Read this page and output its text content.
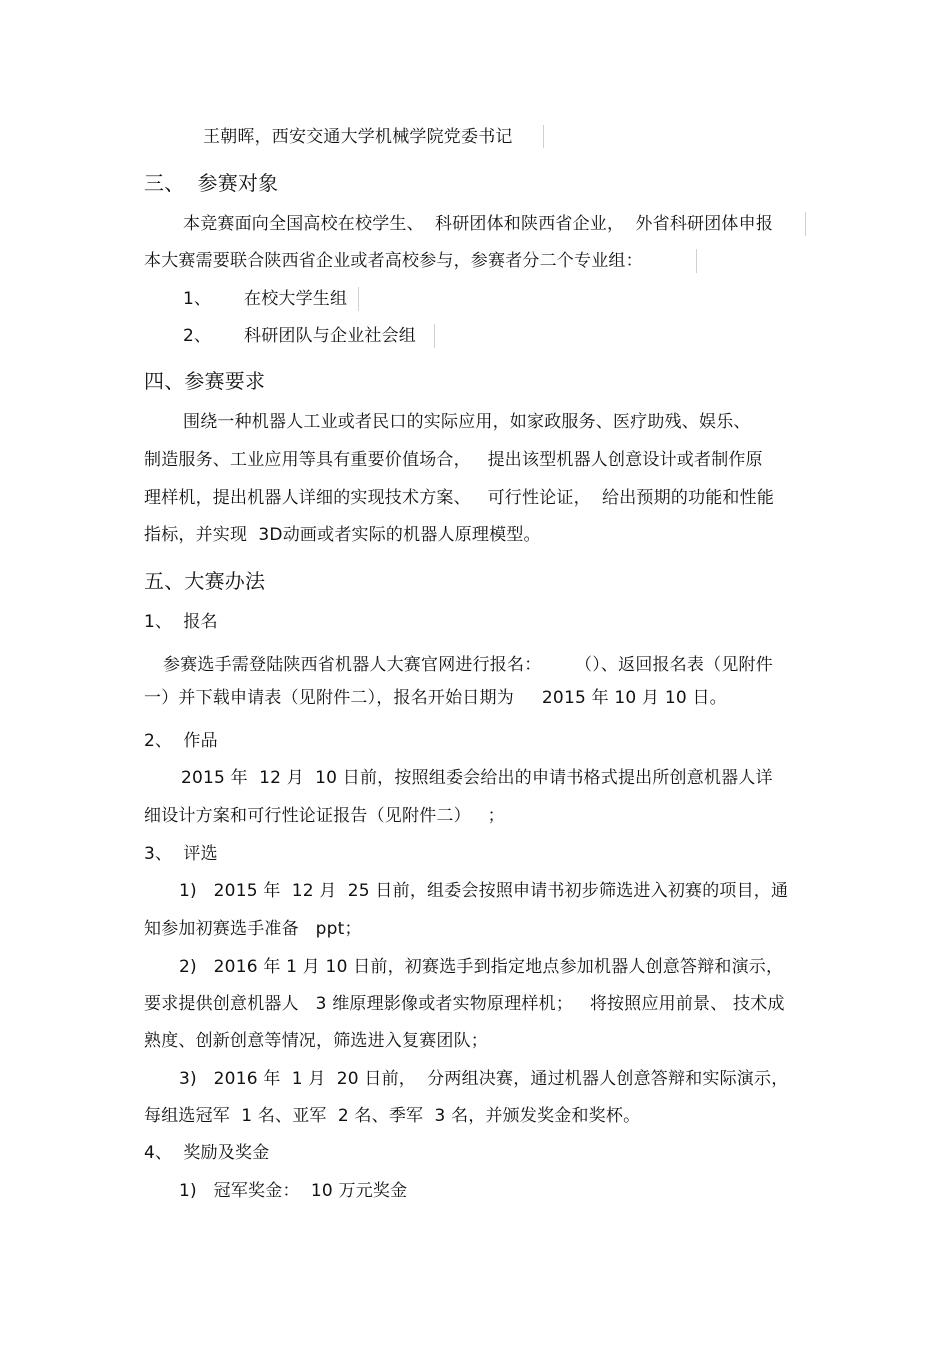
王朝晖，西安交通大学机械学院党委书记
三、  参赛对象
本竞赛面向全国高校在校学生、  科研团体和陕西省企业，  外省科研团体申报
本大赛需要联合陕西省企业或者高校参与，参赛者分二个专业组：
1、 在校大学生组
2、 科研团队与企业社会组
四、参赛要求
围绕一种机器人工业或者民口的实际应用，如家政服务、医疗助残、娱乐、
制造服务、工业应用等具有重要价值场合，   提出该型机器人创意设计或者制作原
理样机，提出机器人详细的实现技术方案、   可行性论证，  给出预期的功能和性能
指标，并实现  3D动画或者实际的机器人原理模型。
五、大赛办法
1、  报名
参赛选手需登陆陕西省机器人大赛官网进行报名：      （）、返回报名表（见附件
一）并下载申请表（见附件二），报名开始日期为     2015 年 10 月 10 日。
2、  作品
2015 年  12 月  10 日前，按照组委会给出的申请书格式提出所创意机器人详
细设计方案和可行性论证报告（见附件二）   ；
3、  评选
1)   2015 年  12 月  25 日前，组委会按照申请书初步筛选进入初赛的项目，通
知参加初赛选手准备   ppt；
2)   2016 年 1 月 10 日前，初赛选手到指定地点参加机器人创意答辩和演示，
要求提供创意机器人   3 维原理影像或者实物原理样机；   将按照应用前景、 技术成
熟度、创新创意等情况，筛选进入复赛团队；
3)   2016 年  1 月  20 日前，  分两组决赛，通过机器人创意答辩和实际演示，
每组选冠军  1 名、亚军  2 名、季军  3 名，并颁发奖金和奖杯。
4、  奖励及奖金
1)   冠军奖金：  10 万元奖金
